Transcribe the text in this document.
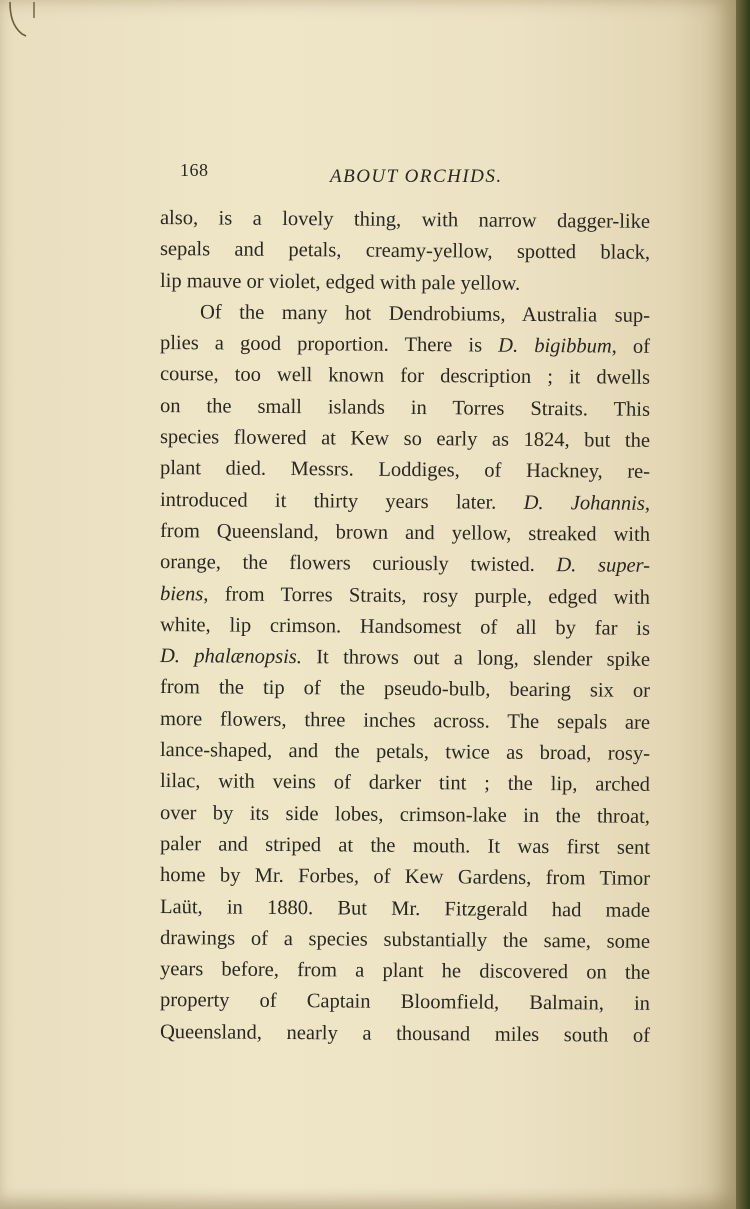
168	ABOUT ORCHIDS.
also, is a lovely thing, with narrow dagger-like
sepals and petals, creamy-yellow, spotted black,
lip mauve or violet, edged with pale yellow.
Of the many hot Dendrobiums, Australia sup-
plies a good proportion. There is D. bigibbum, of
course, too well known for description ; it dwells
on the small islands in Torres Straits. This
species flowered at Kew so early as 1824, but the
plant died. Messrs. Loddiges, of Hackney, re-
introduced it thirty years later. D. Johannis,
from Queensland, brown and yellow, streaked with
orange, the flowers curiously twisted. D. super-
biens, from Torres Straits, rosy purple, edged with
white, lip crimson. Handsomest of all by far is
D. phalænopsis. It throws out a long, slender spike
from the tip of the pseudo-bulb, bearing six or
more flowers, three inches across. The sepals are
lance-shaped, and the petals, twice as broad, rosy-
lilac, with veins of darker tint ; the lip, arched
over by its side lobes, crimson-lake in the throat,
paler and striped at the mouth. It was first sent
home by Mr. Forbes, of Kew Gardens, from Timor
Laüt, in 1880. But Mr. Fitzgerald had made
drawings of a species substantially the same, some
years before, from a plant he discovered on the
property of Captain Bloomfield, Balmain, in
Queensland, nearly a thousand miles south of
